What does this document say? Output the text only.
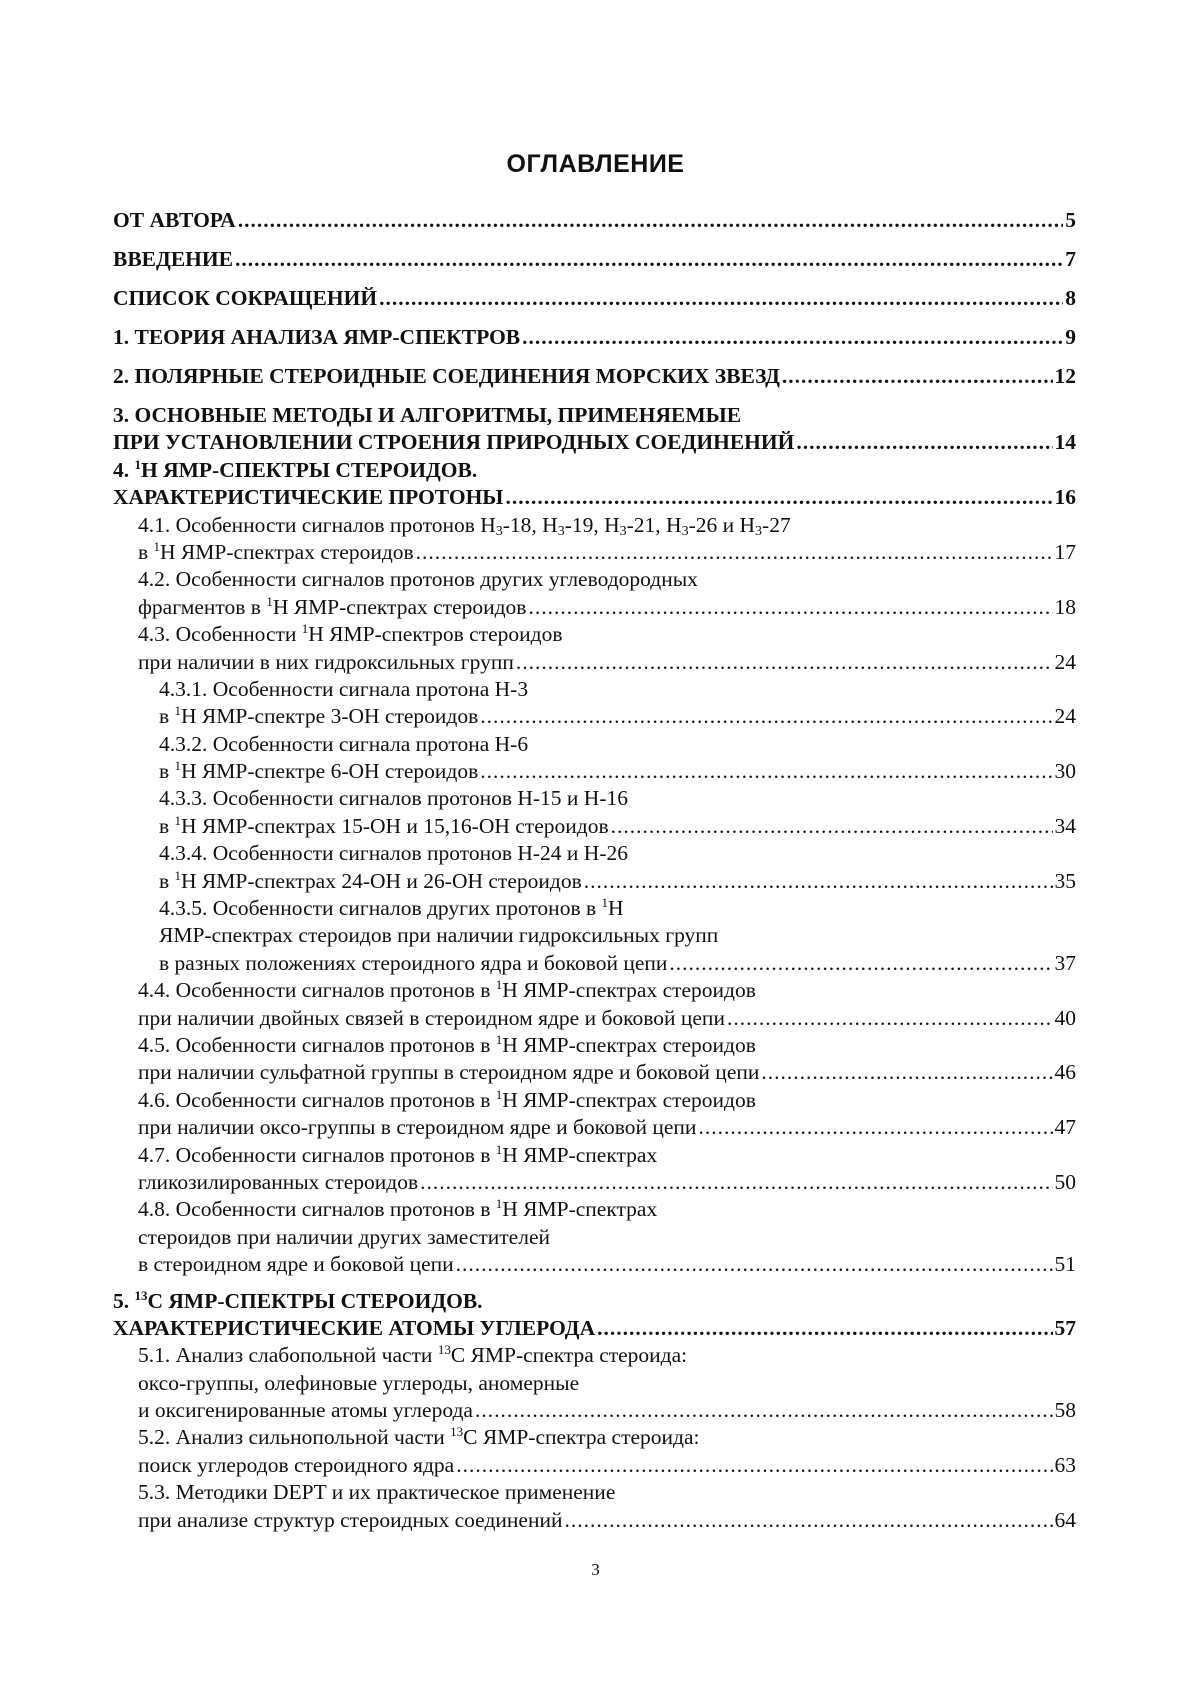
ОГЛАВЛЕНИЕ
ОТ АВТОРА .....	5
ВВЕДЕНИЕ .....	7
СПИСОК СОКРАЩЕНИЙ .....	8
1. ТЕОРИЯ АНАЛИЗА ЯМР-СПЕКТРОВ .....	9
2. ПОЛЯРНЫЕ СТЕРОИДНЫЕ СОЕДИНЕНИЯ МОРСКИХ ЗВЕЗД .....	12
3. ОСНОВНЫЕ МЕТОДЫ И АЛГОРИТМЫ, ПРИМЕНЯЕМЫЕ
ПРИ УСТАНОВЛЕНИИ СТРОЕНИЯ ПРИРОДНЫХ СОЕДИНЕНИЙ .....	14
4. $^1$Н ЯМР-СПЕКТРЫ СТЕРОИДОВ.
ХАРАКТЕРИСТИЧЕСКИЕ ПРОТОНЫ .....	16
4.1. Особенности сигналов протонов $Н_3-18$, $Н_3-19$, $Н_3-21$, $Н_3-26$ и $Н_3-27$
в $^1$Н ЯМР-спектрах стероидов .....	17
4.2. Особенности сигналов протонов других углеводородных
фрагментов в $^1$Н ЯМР-спектрах стероидов .....	18
4.3. Особенности $^1$Н ЯМР-спектров стероидов
при наличии в них гидроксильных групп .....	24
4.3.1. Особенности сигнала протона Н-3
в $^1$Н ЯМР-спектре 3-ОН стероидов .....	24
4.3.2. Особенности сигнала протона Н-6
в $^1$Н ЯМР-спектре 6-ОН стероидов .....	30
4.3.3. Особенности сигналов протонов Н-15 и Н-16
в $^1$Н ЯМР-спектрах 15-ОН и 15,16-ОН стероидов .....	34
4.3.4. Особенности сигналов протонов Н-24 и Н-26
в $^1$Н ЯМР-спектрах 24-ОН и 26-ОН стероидов .....	35
4.3.5. Особенности сигналов других протонов в $^1$Н
ЯМР-спектрах стероидов при наличии гидроксильных групп
в разных положениях стероидного ядра и боковой цепи .....	37
4.4. Особенности сигналов протонов в $^1$Н ЯМР-спектрах стероидов
при наличии двойных связей в стероидном ядре и боковой цепи .....	40
4.5. Особенности сигналов протонов в $^1$Н ЯМР-спектрах стероидов
при наличии сульфатной группы в стероидном ядре и боковой цепи .....	46
4.6. Особенности сигналов протонов в $^1$Н ЯМР-спектрах стероидов
при наличии оксо-группы в стероидном ядре и боковой цепи .....	47
4.7. Особенности сигналов протонов в $^1$Н ЯМР-спектрах
гликозилированных стероидов .....	50
4.8. Особенности сигналов протонов в $^1$Н ЯМР-спектрах
стероидов при наличии других заместителей
в стероидном ядре и боковой цепи .....	51
5. $^{13}$С ЯМР-СПЕКТРЫ СТЕРОИДОВ.
ХАРАКТЕРИСТИЧЕСКИЕ АТОМЫ УГЛЕРОДА .....	57
5.1. Анализ слабопольной части $^{13}$С ЯМР-спектра стероида:
оксо-группы, олефиновые углероды, аномерные
и оксигенированные атомы углерода .....	58
5.2. Анализ сильнопольной части $^{13}$С ЯМР-спектра стероида:
поиск углеродов стероидного ядра .....	63
5.3. Методики DEPT и их практическое применение
при анализе структур стероидных соединений .....	64
3
